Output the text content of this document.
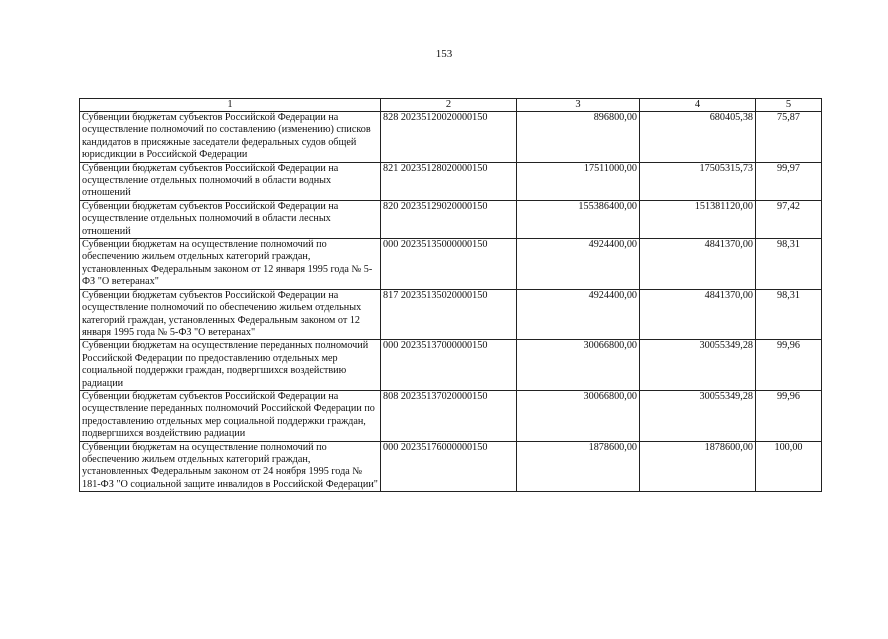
153
1	2	3	4	5
Субвенции бюджетам субъектов Российской Федерации на осуществление полномочий по составлению (изменению) списков кандидатов в присяжные заседатели федеральных судов общей юрисдикции в Российской Федерации	828 20235120020000150	896800,00	680405,38	75,87
Субвенции бюджетам субъектов Российской Федерации на осуществление отдельных полномочий в области водных отношений	821 20235128020000150	17511000,00	17505315,73	99,97
Субвенции бюджетам субъектов Российской Федерации на осуществление отдельных полномочий в области лесных отношений	820 20235129020000150	155386400,00	151381120,00	97,42
Субвенции бюджетам на осуществление полномочий по обеспечению жильем отдельных категорий граждан, установленных Федеральным законом от 12 января 1995 года № 5-ФЗ "О ветеранах"	000 20235135000000150	4924400,00	4841370,00	98,31
Субвенции бюджетам субъектов Российской Федерации на осуществление полномочий по обеспечению жильем отдельных категорий граждан, установленных Федеральным законом от 12 января 1995 года № 5-ФЗ "О ветеранах"	817 20235135020000150	4924400,00	4841370,00	98,31
Субвенции бюджетам на осуществление переданных полномочий Российской Федерации по предоставлению отдельных мер социальной поддержки граждан, подвергшихся воздействию радиации	000 20235137000000150	30066800,00	30055349,28	99,96
Субвенции бюджетам субъектов Российской Федерации на осуществление переданных полномочий Российской Федерации по предоставлению отдельных мер социальной поддержки граждан, подвергшихся воздействию радиации	808 20235137020000150	30066800,00	30055349,28	99,96
Субвенции бюджетам на осуществление полномочий по обеспечению жильем отдельных категорий граждан, установленных Федеральным законом от 24 ноября 1995 года № 181-ФЗ "О социальной защите инвалидов в Российской Федерации"	000 20235176000000150	1878600,00	1878600,00	100,00
